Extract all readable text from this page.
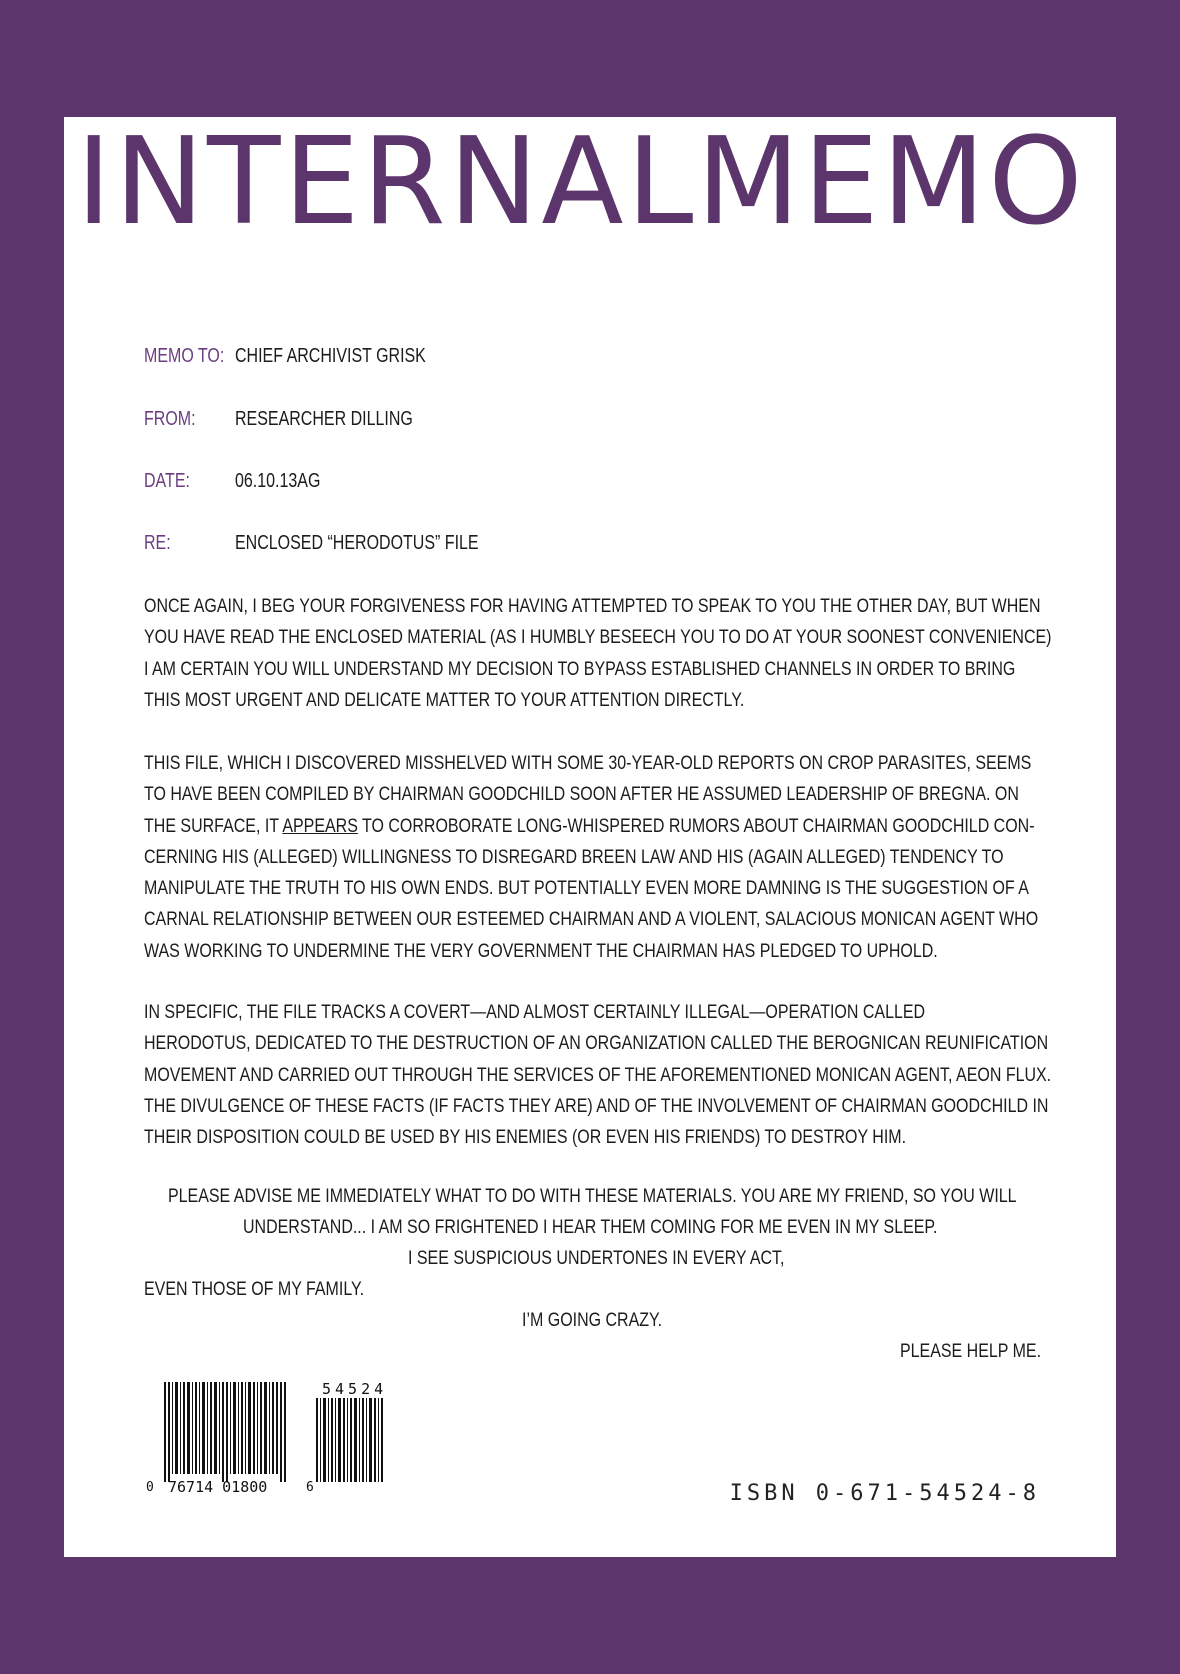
INTERNALMEMO
MEMO TO: CHIEF ARCHIVIST GRISK
FROM: RESEARCHER DILLING
DATE: 06.10.13AG
RE:	ENCLOSED “HERODOTUS” FILE
ONCE AGAIN, I BEG YOUR FORGIVENESS FOR HAVING ATTEMPTED TO SPEAK TO YOU THE OTHER DAY, BUT WHEN
YOU HAVE READ THE ENCLOSED MATERIAL (AS I HUMBLY BESEECH YOU TO DO AT YOUR SOONEST CONVENIENCE)
I AM CERTAIN YOU WILL UNDERSTAND MY DECISION TO BYPASS ESTABLISHED CHANNELS IN ORDER TO BRING
THIS MOST URGENT AND DELICATE MATTER TO YOUR ATTENTION DIRECTLY.
THIS FILE, WHICH I DISCOVERED MISSHELVED WITH SOME 30-YEAR-OLD REPORTS ON CROP PARASITES, SEEMS
TO HAVE BEEN COMPILED BY CHAIRMAN GOODCHILD SOON AFTER HE ASSUMED LEADERSHIP OF BREGNA. ON
THE SURFACE, IT APPEARS TO CORROBORATE LONG-WHISPERED RUMORS ABOUT CHAIRMAN GOODCHILD CON-
CERNING HIS (ALLEGED) WILLINGNESS TO DISREGARD BREEN LAW AND HIS (AGAIN ALLEGED) TENDENCY TO
MANIPULATE THE TRUTH TO HIS OWN ENDS. BUT POTENTIALLY EVEN MORE DAMNING IS THE SUGGESTION OF A
CARNAL RELATIONSHIP BETWEEN OUR ESTEEMED CHAIRMAN AND A VIOLENT, SALACIOUS MONICAN AGENT WHO
WAS WORKING TO UNDERMINE THE VERY GOVERNMENT THE CHAIRMAN HAS PLEDGED TO UPHOLD.
IN SPECIFIC, THE FILE TRACKS A COVERT—AND ALMOST CERTAINLY ILLEGAL—OPERATION CALLED
HERODOTUS, DEDICATED TO THE DESTRUCTION OF AN ORGANIZATION CALLED THE BEROGNICAN REUNIFICATION
MOVEMENT AND CARRIED OUT THROUGH THE SERVICES OF THE AFOREMENTIONED MONICAN AGENT, AEON FLUX.
THE DIVULGENCE OF THESE FACTS (IF FACTS THEY ARE) AND OF THE INVOLVEMENT OF CHAIRMAN GOODCHILD IN
THEIR DISPOSITION COULD BE USED BY HIS ENEMIES (OR EVEN HIS FRIENDS) TO DESTROY HIM.
PLEASE ADVISE ME IMMEDIATELY WHAT TO DO WITH THESE MATERIALS. YOU ARE MY FRIEND, SO YOU WILL
UNDERSTAND... I AM SO FRIGHTENED I HEAR THEM COMING FOR ME EVEN IN MY SLEEP.
I SEE SUSPICIOUS UNDERTONES IN EVERY ACT,
EVEN THOSE OF MY FAMILY.
I’M GOING CRAZY.
PLEASE HELP ME.
54524
0 76714 01800	6	ISBN 0-671-54524-8
